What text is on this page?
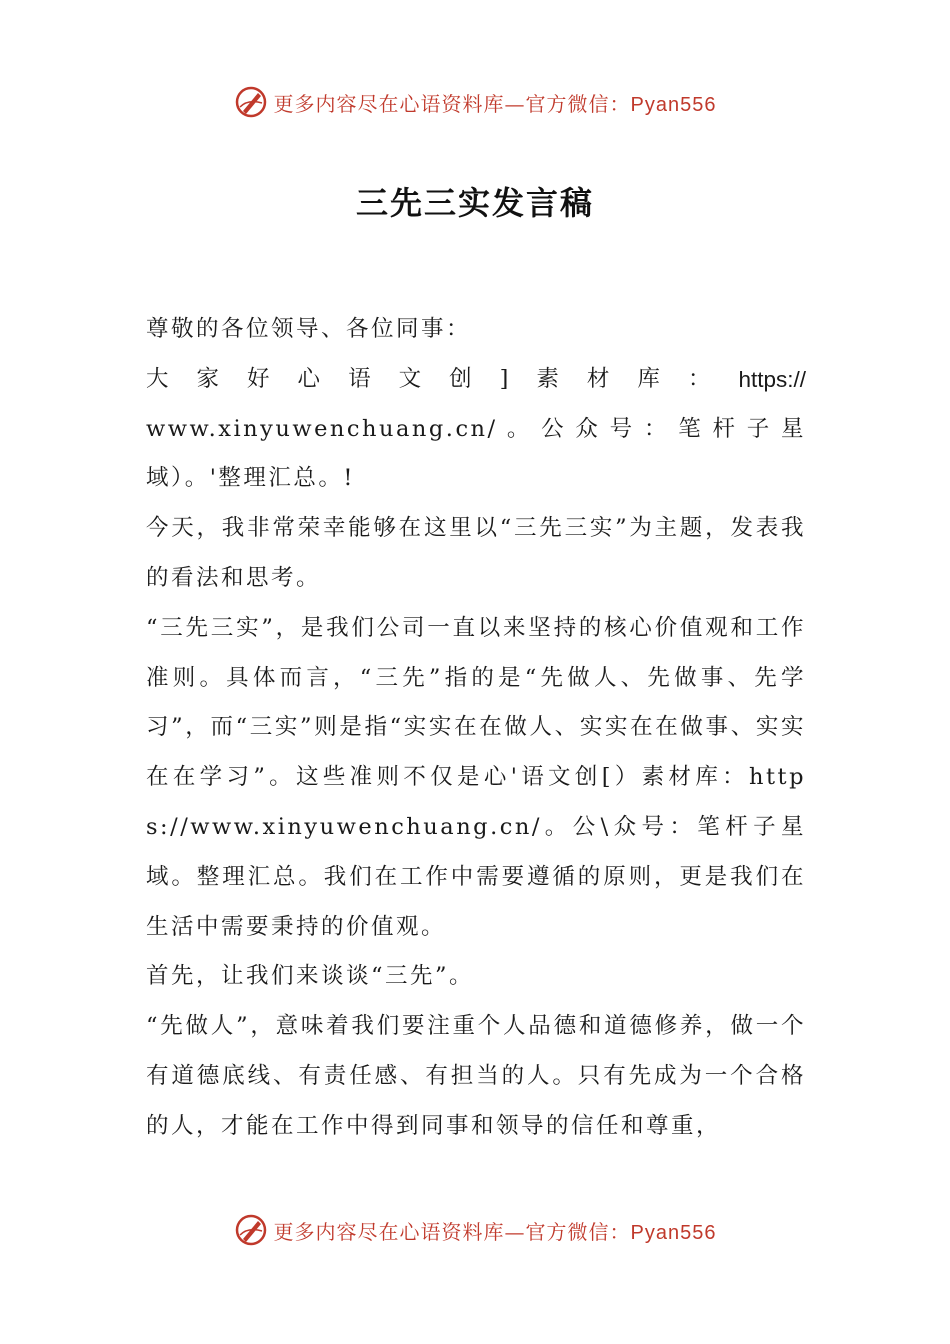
更多内容尽在心语资料库—官方微信：Pyan556
三先三实发言稿

尊敬的各位领导、各位同事：

大 家 好 心 语 文 创 ] 素 材 库 ： https://

www.xinyuwenchuang.cn/。公众号：笔杆子星域）。'整理汇总。!

今天，我非常荣幸能够在这里以“三先三实”为主题，发表我的看法和思考。

“三先三实”，是我们公司一直以来坚持的核心价值观和工作准则。具体而言，“三先”指的是“先做人、先做事、先学习”，而“三实”则是指“实实在在做人、实实在在做事、实实在在学习”。这些准则不仅是心'语文创[）素材库：https://www.xinyuwenchuang.cn/。公\众号：笔杆子星域。整理汇总。我们在工作中需要遵循的原则，更是我们在生活中需要秉持的价值观。

首先，让我们来谈谈“三先”。

“先做人”，意味着我们要注重个人品德和道德修养，做一个有道德底线、有责任感、有担当的人。只有先成为一个合格的人，才能在工作中得到同事和领导的信任和尊重，

更多内容尽在心语资料库—官方微信：Pyan556
